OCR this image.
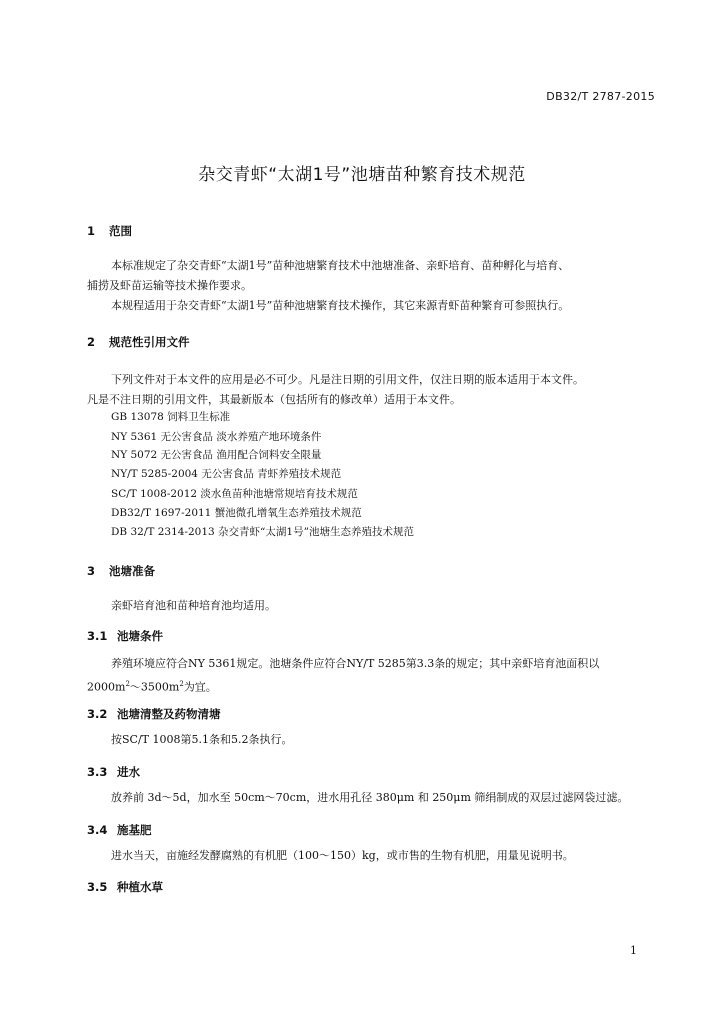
DB32/T 2787-2015
杂交青虾“太湖1号”池塘苗种繁育技术规范
1 范围
本标准规定了杂交青虾“太湖1号”苗种池塘繁育技术中池塘准备、亲虾培育、苗种孵化与培育、
捕捞及虾苗运输等技术操作要求。
本规程适用于杂交青虾“太湖1号”苗种池塘繁育技术操作，其它来源青虾苗种繁育可参照执行。
2 规范性引用文件
下列文件对于本文件的应用是必不可少。凡是注日期的引用文件，仅注日期的版本适用于本文件。
凡是不注日期的引用文件，其最新版本（包括所有的修改单）适用于本文件。
GB 13078 饲料卫生标准
NY 5361 无公害食品 淡水养殖产地环境条件
NY 5072 无公害食品 渔用配合饲料安全限量
NY/T 5285-2004 无公害食品 青虾养殖技术规范
SC/T 1008-2012 淡水鱼苗种池塘常规培育技术规范
DB32/T 1697-2011 蟹池微孔增氧生态养殖技术规范
DB 32/T 2314-2013 杂交青虾“太湖1号”池塘生态养殖技术规范
3 池塘准备
亲虾培育池和苗种培育池均适用。
3.1 池塘条件
养殖环境应符合NY 5361规定。池塘条件应符合NY/T 5285第3.3条的规定；其中亲虾培育池面积以
$2000m^2\sim 3500m^2$为宜。
3.2 池塘清整及药物清塘
按SC/T 1008第5.1条和5.2条执行。
3.3 进水
放养前 3d～5d，加水至 50cm～70cm，进水用孔径 380μm 和 250μm 筛绢制成的双层过滤网袋过滤。
3.4 施基肥
进水当天，亩施经发酵腐熟的有机肥（100～150）kg，或市售的生物有机肥，用量见说明书。
3.5 种植水草
1
